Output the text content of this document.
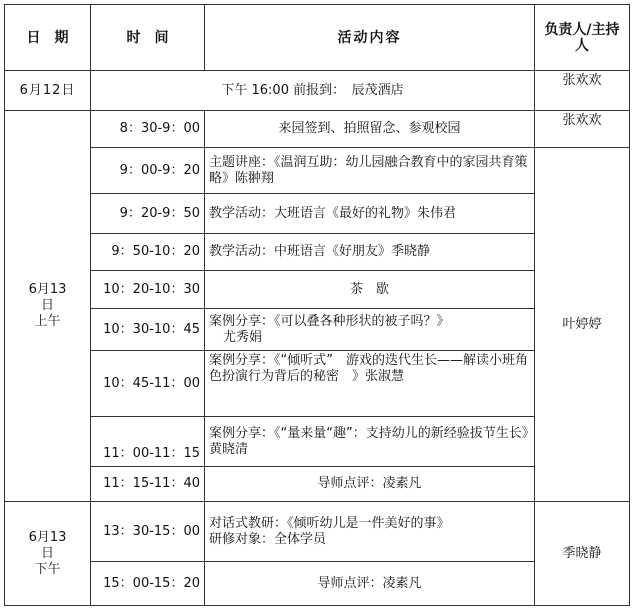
日　期	时　间	活动内容	负责人/主持人
6月12日	下午 16:00 前报到：　辰茂酒店		张欢欢
6月13
日
上午	8：30-9：00	来园签到、拍照留念、参观校园	张欢欢
	9：00-9：20	主题讲座：《温润互助：幼儿园融合教育中的家园共育策略》陈翀翔	叶婷婷
	9：20-9：50	教学活动：大班语言《最好的礼物》朱伟君	
	9：50-10：20	教学活动：中班语言《好朋友》季晓静	
	10：20-10：30	茶　歇	
	10：30-10：45	案例分享：《可以叠各种形状的被子吗？》
尤秀娟	

	10：45-11：00	案例分享：《“倾听式”　游戏的迭代生长——解读小班角色扮演行为背后的秘密　》张淑慧	
	11：00-11：15	案例分享：《“量来量“趣”：支持幼儿的新经验拔节生长》　黄晓清	
	11：15-11：40	导师点评：凌素凡	
6月13
日
下午	13：30-15：00	对话式教研：《倾听幼儿是一件美好的事》
研修对象：全体学员	季晓静
	15：00-15：20	导师点评：凌素凡	
